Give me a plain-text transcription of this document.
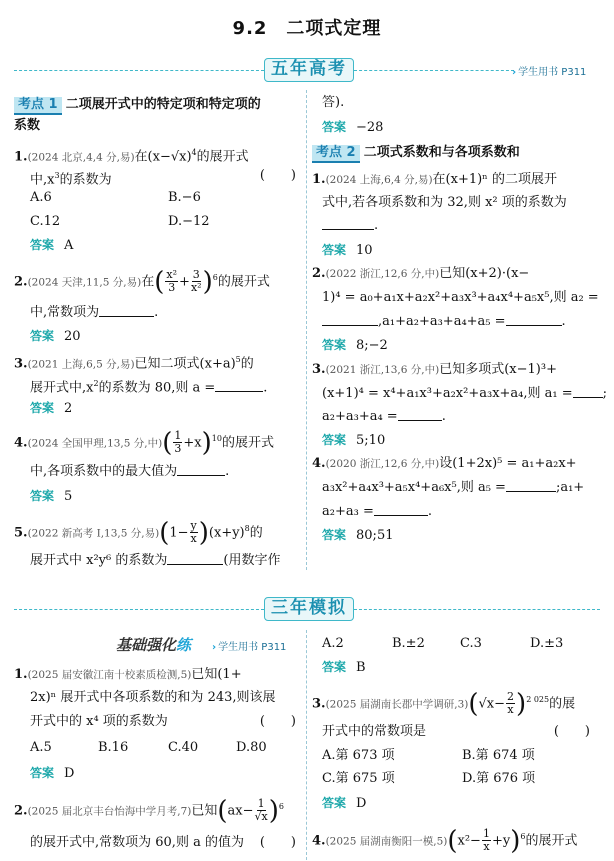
9.2　二项式定理
五年高考	› 学生用书 P311
考点 1 二项展开式中的特定项和特定项的
系数
1.(2024 北京,4,4 分,易)在$(x-√x)^4$的展开式
中$,x^3$的系数为	(　　)
A.6	B.−6
C.12	D.−12
答案 A
2.(2024 天津,11,5 分,易)在( $\frac{\text{x²}}{3} + \frac{3}{\text{x²}} )^6$的展开式
中,常数项为	.
答案 20
3.(2021 上海,6,5 分,易)已知二项式$(x+a)^5$的
展开式中$,x^2$的系数为 80,则 a =	.
答案 2
4.(2024 全国甲理,13,5 分,中)( $\frac{1}{3} +x)^{10}$的展开式
中,各项系数中的最大值为	.
答案 5
5.(2022 新高考 Ⅰ,13,5 分,易)$(1- \frac{y}{x} )(x+y)^8$的
展开式中 x²y⁶ 的系数为	(用数字作
答).
答案 −28
考点 2 二项式系数和与各项系数和
1.(2024 上海,6,4 分,易)在(x+1)ⁿ 的二项展开
式中,若各项系数和为 32,则 x² 项的系数为
.
答案 10
2.(2022 浙江,12,6 分,中)已知(x+2)·(x−
1)⁴ = a₀+a₁x+a₂x²+a₃x³+a₄x⁴+a₅x⁵,则 a₂ =
,a₁+a₂+a₃+a₄+a₅ =	.
答案 8;−2
3.(2021 浙江,13,6 分,中)已知多项式(x−1)³+
(x+1)⁴ = x⁴+a₁x³+a₂x²+a₃x+a₄,则 a₁ = ;
a₂+a₃+a₄ =	.
答案 5;10
4.(2020 浙江,12,6 分,中)设(1+2x)⁵ = a₁+a₂x+
a₃x²+a₄x³+a₅x⁴+a₆x⁵,则 a₅ =	;a₁+
a₂+a₃ =	.
答案 80;51
三年模拟
基础强化练 › 学生用书 P311
1.(2025 届安徽江南十校素质检测,5)已知(1+
2x)ⁿ 展开式中各项系数的和为 243,则该展
开式中的 x⁴ 项的系数为	(　　)
A.5	B.16	C.40	D.80
答案 D
2.(2025 届北京丰台怡海中学月考,7)已知$(ax- \frac{1}{√x} )^6$
的展开式中,常数项为 60,则 a 的值为 (　　)
A.2	B.±2	C.3	D.±3
答案 B
3.(2025 届湖南长郡中学调研$,3)(√x- \frac{2}{x} )^{2 025}$的展
开式中的常数项是	(　　)
A.第 673 项	B.第 674 项
C.第 675 项	D.第 676 项
答案 D
4.(2025 届湖南衡阳一模$,5)(x^2- \frac{1}{x} +y)^6$的展开式
